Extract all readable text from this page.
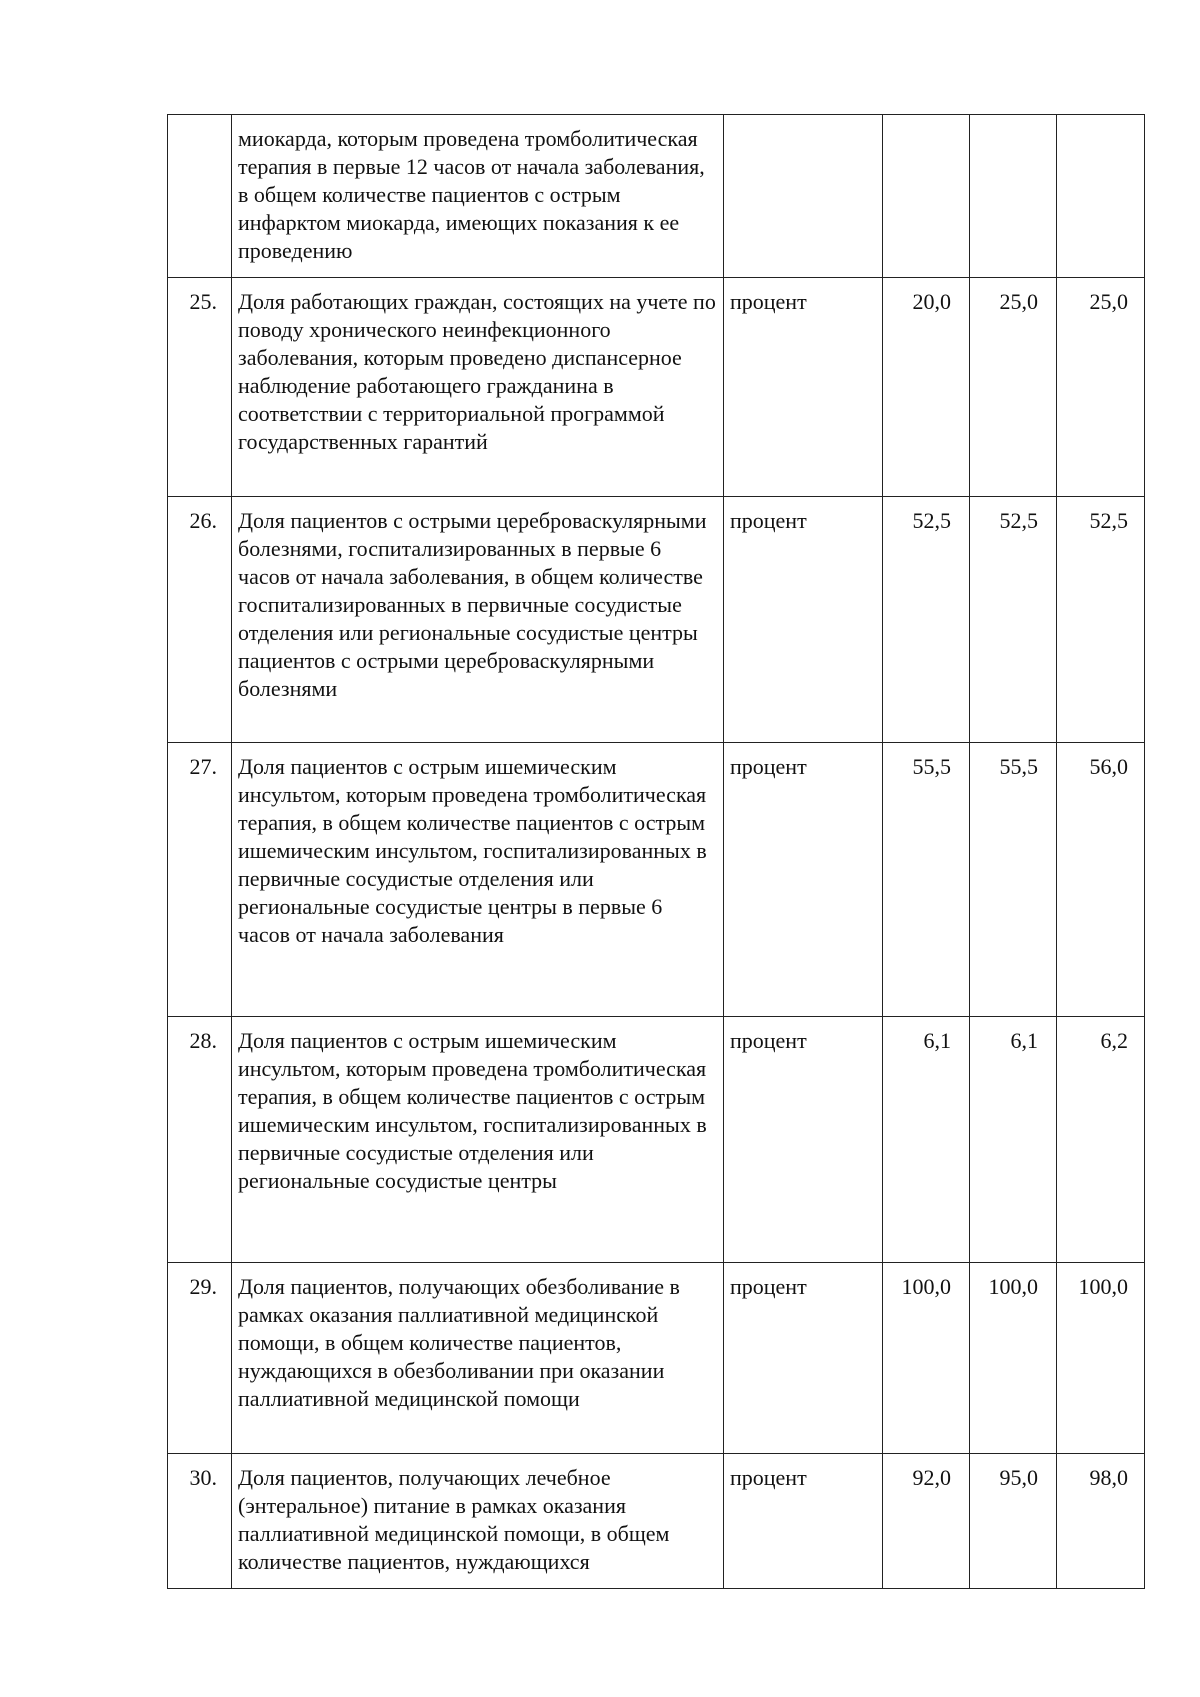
	миокарда, которым проведена тромболитическая терапия в первые 12 часов от начала заболевания, в общем количестве пациентов с острым инфарктом миокарда, имеющих показания к ее проведению				
25.	Доля работающих граждан, состоящих на учете по поводу хронического неинфекционного заболевания, которым проведено диспансерное наблюдение работающего гражданина в соответствии с территориальной программой государственных гарантий	процент	20,0	25,0	25,0
26.	Доля пациентов с острыми цереброваскулярными болезнями, госпитализированных в первые 6 часов от начала заболевания, в общем количестве госпитализированных в первичные сосудистые отделения или региональные сосудистые центры пациентов с острыми цереброваскулярными болезнями	процент	52,5	52,5	52,5
27.	Доля пациентов с острым ишемическим инсультом, которым проведена тромболитическая терапия, в общем количестве пациентов с острым ишемическим инсультом, госпитализированных в первичные сосудистые отделения или региональные сосудистые центры в первые 6 часов от начала заболевания	процент	55,5	55,5	56,0
28.	Доля пациентов с острым ишемическим инсультом, которым проведена тромболитическая терапия, в общем количестве пациентов с острым ишемическим инсультом, госпитализированных в первичные сосудистые отделения или региональные сосудистые центры	процент	6,1	6,1	6,2
29.	Доля пациентов, получающих обезболивание в рамках оказания паллиативной медицинской помощи, в общем количестве пациентов, нуждающихся в обезболивании при оказании паллиативной медицинской помощи	процент	100,0	100,0	100,0
30.	Доля пациентов, получающих лечебное (энтеральное) питание в рамках оказания паллиативной медицинской помощи, в общем количестве пациентов, нуждающихся	процент	92,0	95,0	98,0
